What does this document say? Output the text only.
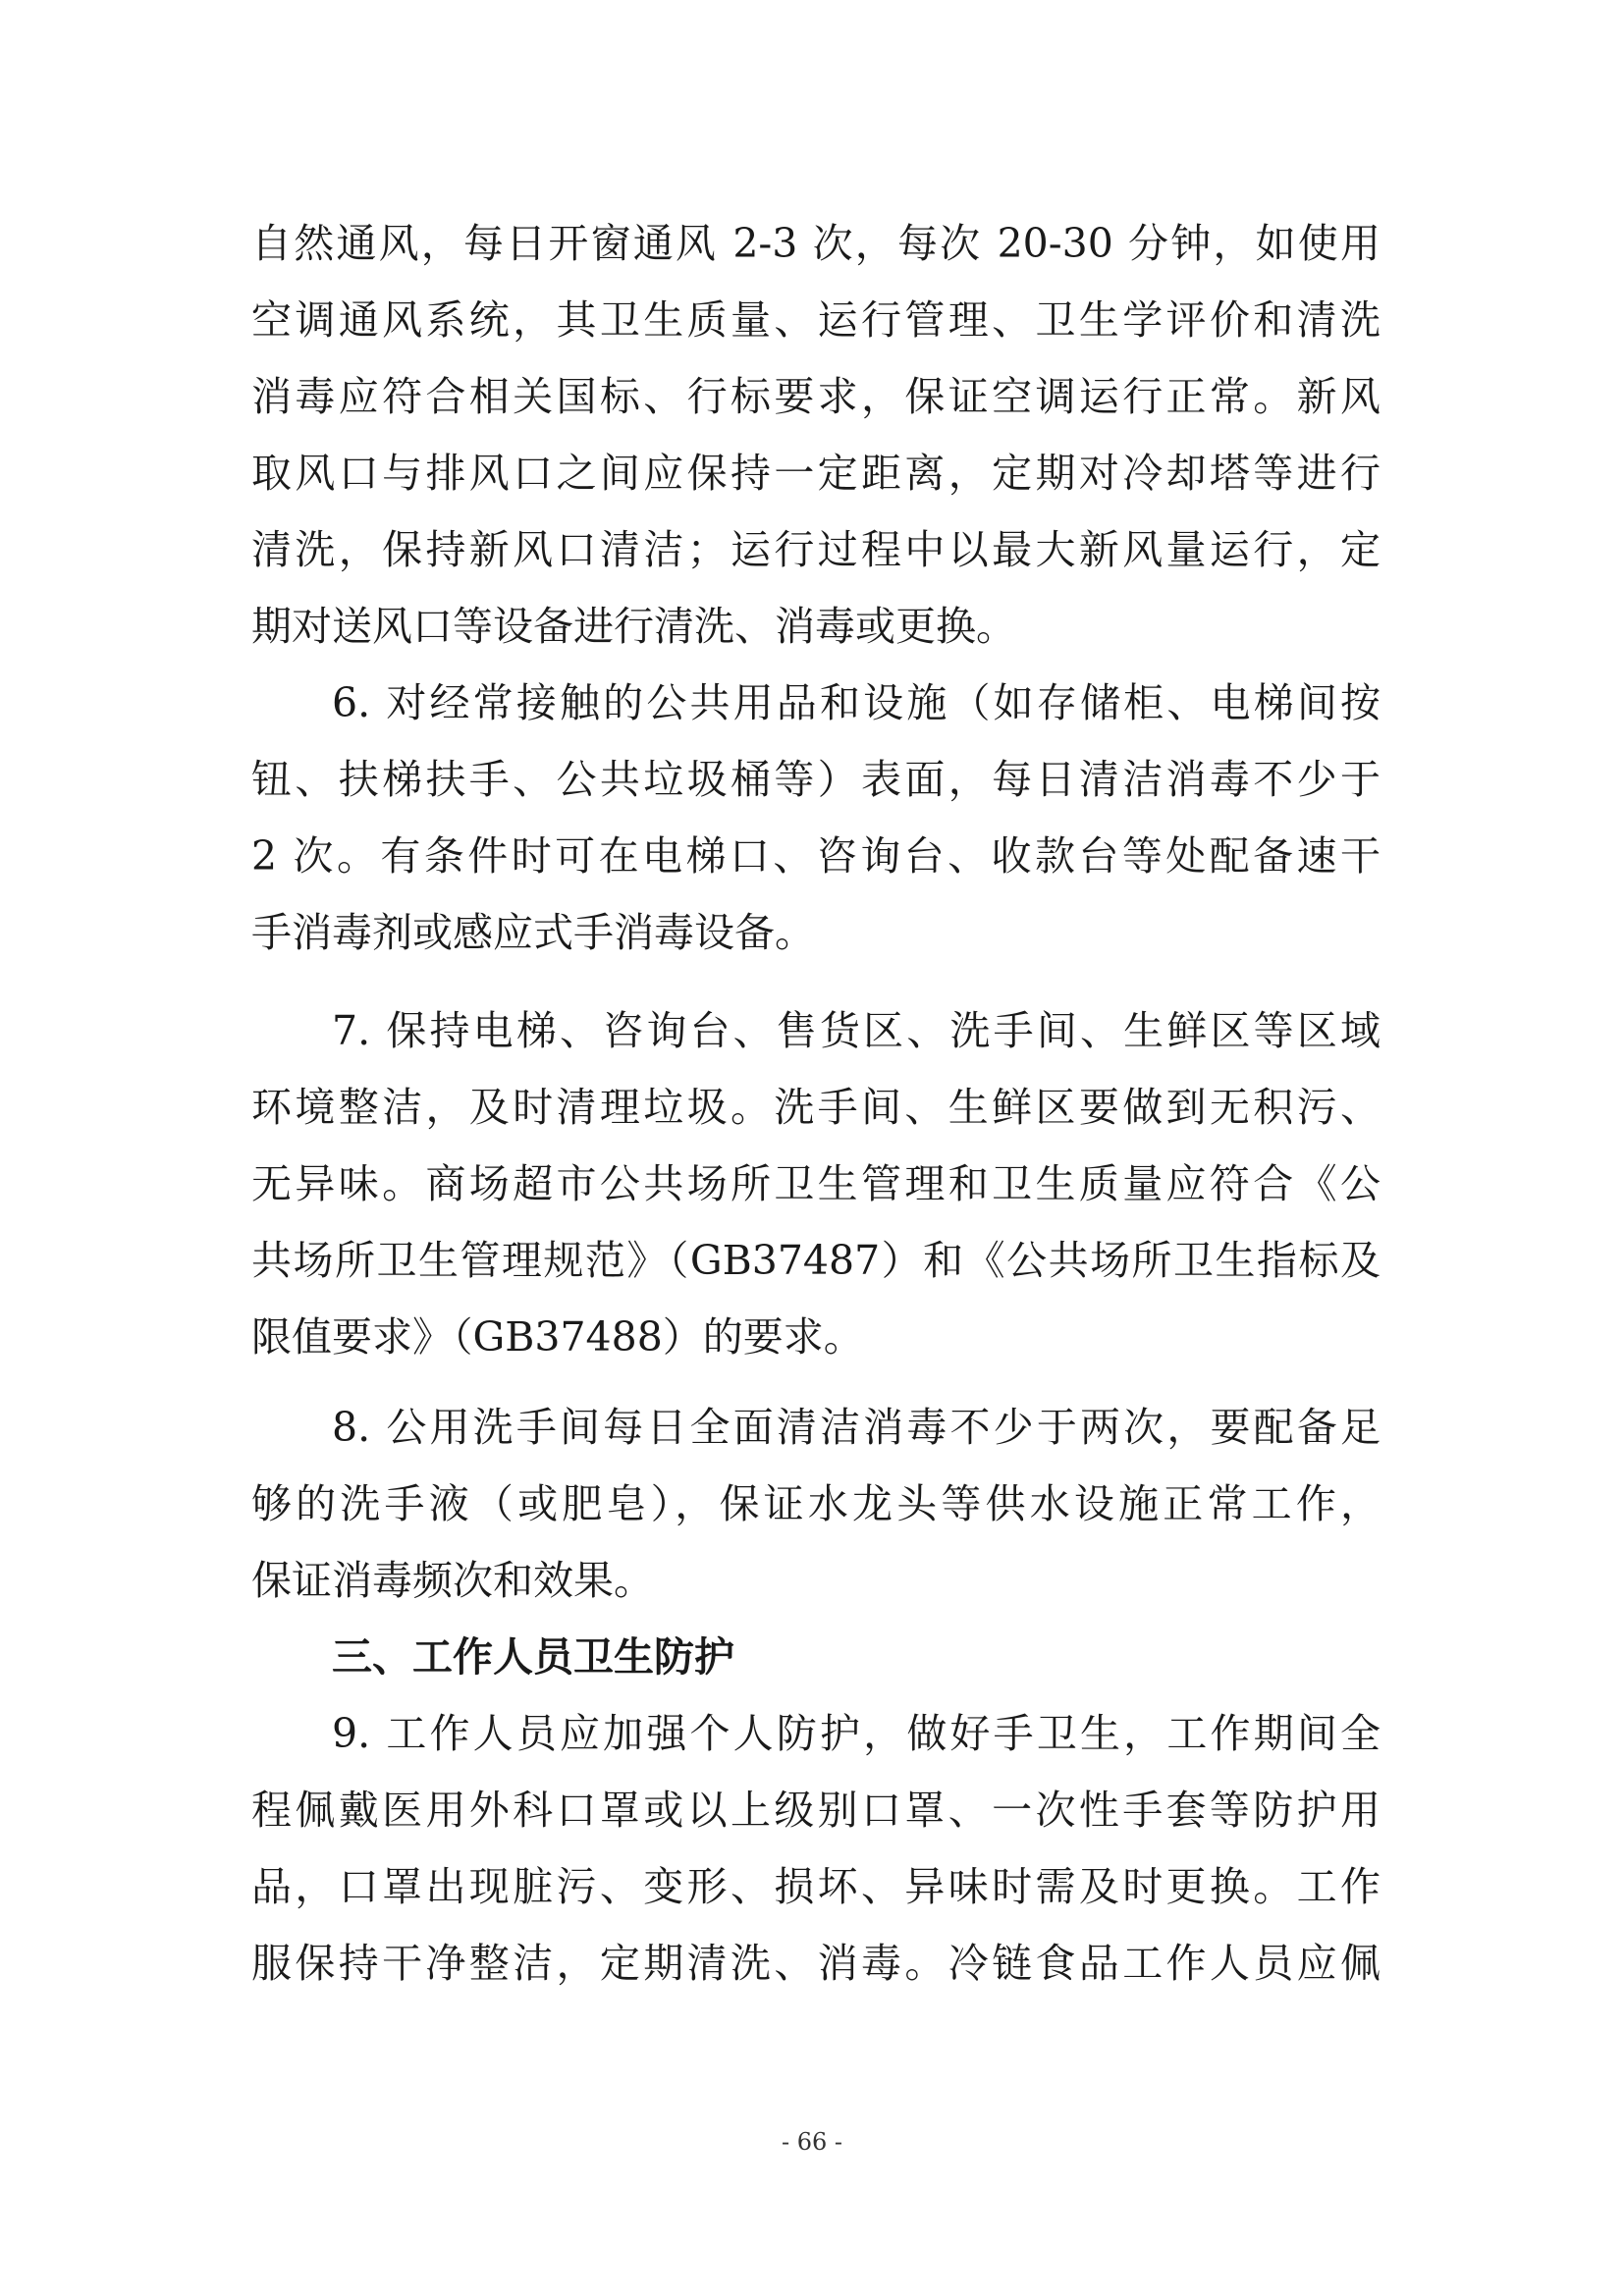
自然通风，每日开窗通风 2-3 次，每次 20-30 分钟，如使用
空调通风系统，其卫生质量、运行管理、卫生学评价和清洗
消毒应符合相关国标、行标要求，保证空调运行正常。新风
取风口与排风口之间应保持一定距离，定期对冷却塔等进行
清洗，保持新风口清洁；运行过程中以最大新风量运行，定
期对送风口等设备进行清洗、消毒或更换。
6. 对经常接触的公共用品和设施（如存储柜、电梯间按
钮、扶梯扶手、公共垃圾桶等）表面，每日清洁消毒不少于
2 次。有条件时可在电梯口、咨询台、收款台等处配备速干
手消毒剂或感应式手消毒设备。
7. 保持电梯、咨询台、售货区、洗手间、生鲜区等区域
环境整洁，及时清理垃圾。洗手间、生鲜区要做到无积污、
无异味。商场超市公共场所卫生管理和卫生质量应符合《公
共场所卫生管理规范》（GB37487）和《公共场所卫生指标及
限值要求》（GB37488）的要求。
8. 公用洗手间每日全面清洁消毒不少于两次，要配备足
够的洗手液（或肥皂），保证水龙头等供水设施正常工作，
保证消毒频次和效果。
三、工作人员卫生防护
9. 工作人员应加强个人防护，做好手卫生，工作期间全
程佩戴医用外科口罩或以上级别口罩、一次性手套等防护用
品，口罩出现脏污、变形、损坏、异味时需及时更换。工作
服保持干净整洁，定期清洗、消毒。冷链食品工作人员应佩
- 66 -
